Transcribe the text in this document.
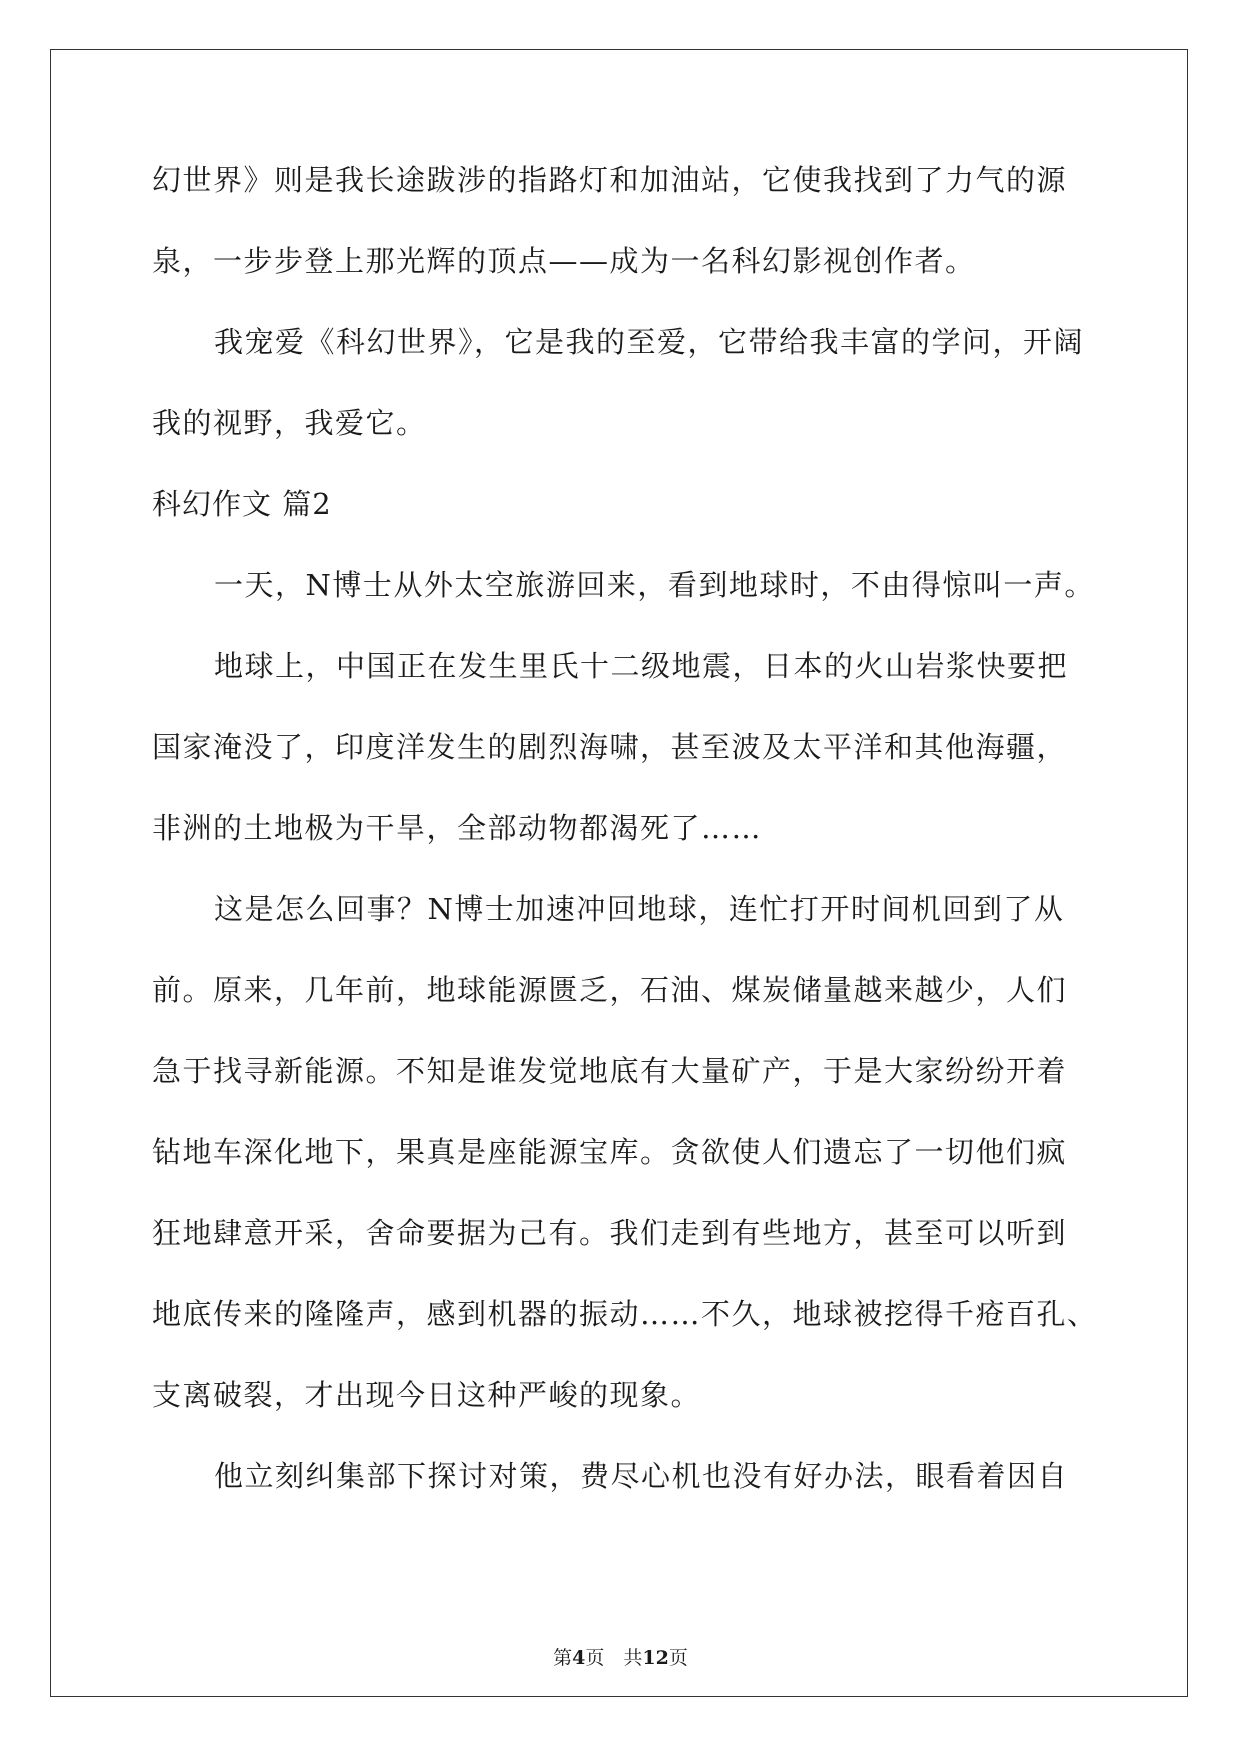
幻世界》则是我长途跋涉的指路灯和加油站，它使我找到了力气的源
泉，一步步登上那光辉的顶点——成为一名科幻影视创作者。
我宠爱《科幻世界》，它是我的至爱，它带给我丰富的学问，开阔
我的视野，我爱它。
科幻作文 篇2
一天，N博士从外太空旅游回来，看到地球时，不由得惊叫一声。
地球上，中国正在发生里氏十二级地震，日本的火山岩浆快要把
国家淹没了，印度洋发生的剧烈海啸，甚至波及太平洋和其他海疆，
非洲的土地极为干旱，全部动物都渴死了……
这是怎么回事？N博士加速冲回地球，连忙打开时间机回到了从
前。原来，几年前，地球能源匮乏，石油、煤炭储量越来越少，人们
急于找寻新能源。不知是谁发觉地底有大量矿产，于是大家纷纷开着
钻地车深化地下，果真是座能源宝库。贪欲使人们遗忘了一切他们疯
狂地肆意开采，舍命要据为己有。我们走到有些地方，甚至可以听到
地底传来的隆隆声，感到机器的振动……不久，地球被挖得千疮百孔、
支离破裂，才出现今日这种严峻的现象。
他立刻纠集部下探讨对策，费尽心机也没有好办法，眼看着因自
第4页　共12页
